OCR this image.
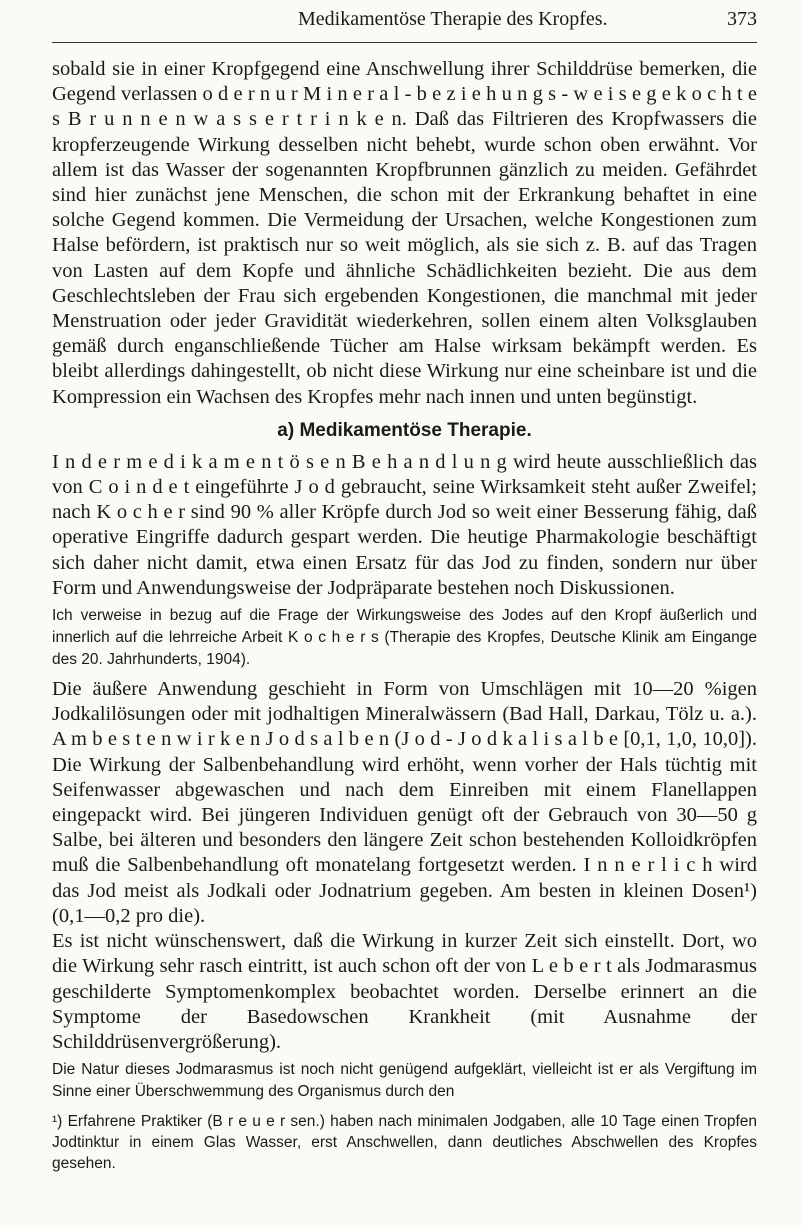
Medikamentöse Therapie des Kropfes.	373

sobald sie in einer Kropfgegend eine Anschwellung ihrer Schilddrüse bemerken, die Gegend verlassen o d e r n u r M i n e r a l - b e z i e h u n g s - w e i s e g e k o c h t e s B r u n n e n w a s s e r t r i n k e n. Daß das Filtrieren des Kropfwassers die kropferzeugende Wirkung desselben nicht behebt, wurde schon oben erwähnt. Vor allem ist das Wasser der sogenannten Kropfbrunnen gänzlich zu meiden. Gefährdet sind hier zunächst jene Menschen, die schon mit der Erkrankung behaftet in eine solche Gegend kommen. Die Vermeidung der Ursachen, welche Kongestionen zum Halse befördern, ist praktisch nur so weit möglich, als sie sich z. B. auf das Tragen von Lasten auf dem Kopfe und ähnliche Schädlichkeiten bezieht. Die aus dem Geschlechtsleben der Frau sich ergebenden Kongestionen, die manchmal mit jeder Menstruation oder jeder Gravidität wiederkehren, sollen einem alten Volksglauben gemäß durch enganschließende Tücher am Halse wirksam bekämpft werden. Es bleibt allerdings dahingestellt, ob nicht diese Wirkung nur eine scheinbare ist und die Kompression ein Wachsen des Kropfes mehr nach innen und unten begünstigt.

a) Medikamentöse Therapie.

I n d e r m e d i k a m e n t ö s e n B e h a n d l u n g wird heute ausschließlich das von C o i n d e t eingeführte J o d gebraucht, seine Wirksamkeit steht außer Zweifel; nach K o c h e r sind 90 % aller Kröpfe durch Jod so weit einer Besserung fähig, daß operative Eingriffe dadurch gespart werden. Die heutige Pharmakologie beschäftigt sich daher nicht damit, etwa einen Ersatz für das Jod zu finden, sondern nur über Form und Anwendungsweise der Jodpräparate bestehen noch Diskussionen.

Ich verweise in bezug auf die Frage der Wirkungsweise des Jodes auf den Kropf äußerlich und innerlich auf die lehrreiche Arbeit K o c h e r s (Therapie des Kropfes, Deutsche Klinik am Eingange des 20. Jahrhunderts, 1904).

Die äußere Anwendung geschieht in Form von Umschlägen mit 10—20 %igen Jodkalilösungen oder mit jodhaltigen Mineralwässern (Bad Hall, Darkau, Tölz u. a.). A m b e s t e n w i r k e n J o d s a l b e n (J o d - J o d k a l i s a l b e [0,1, 1,0, 10,0]). Die Wirkung der Salbenbehandlung wird erhöht, wenn vorher der Hals tüchtig mit Seifenwasser abgewaschen und nach dem Einreiben mit einem Flanellappen eingepackt wird. Bei jüngeren Individuen genügt oft der Gebrauch von 30—50 g Salbe, bei älteren und besonders den längere Zeit schon bestehenden Kolloidkröpfen muß die Salbenbehandlung oft monatelang fortgesetzt werden. I n n e r l i c h wird das Jod meist als Jodkali oder Jodnatrium gegeben. Am besten in kleinen Dosen¹) (0,1—0,2 pro die).

Es ist nicht wünschenswert, daß die Wirkung in kurzer Zeit sich einstellt. Dort, wo die Wirkung sehr rasch eintritt, ist auch schon oft der von L e b e r t als Jodmarasmus geschilderte Symptomenkomplex beobachtet worden. Derselbe erinnert an die Symptome der Basedowschen Krankheit (mit Ausnahme der Schilddrüsenvergrößerung).

Die Natur dieses Jodmarasmus ist noch nicht genügend aufgeklärt, vielleicht ist er als Vergiftung im Sinne einer Überschwemmung des Organismus durch den

¹) Erfahrene Praktiker (B r e u e r sen.) haben nach minimalen Jodgaben, alle 10 Tage einen Tropfen Jodtinktur in einem Glas Wasser, erst Anschwellen, dann deutliches Abschwellen des Kropfes gesehen.
